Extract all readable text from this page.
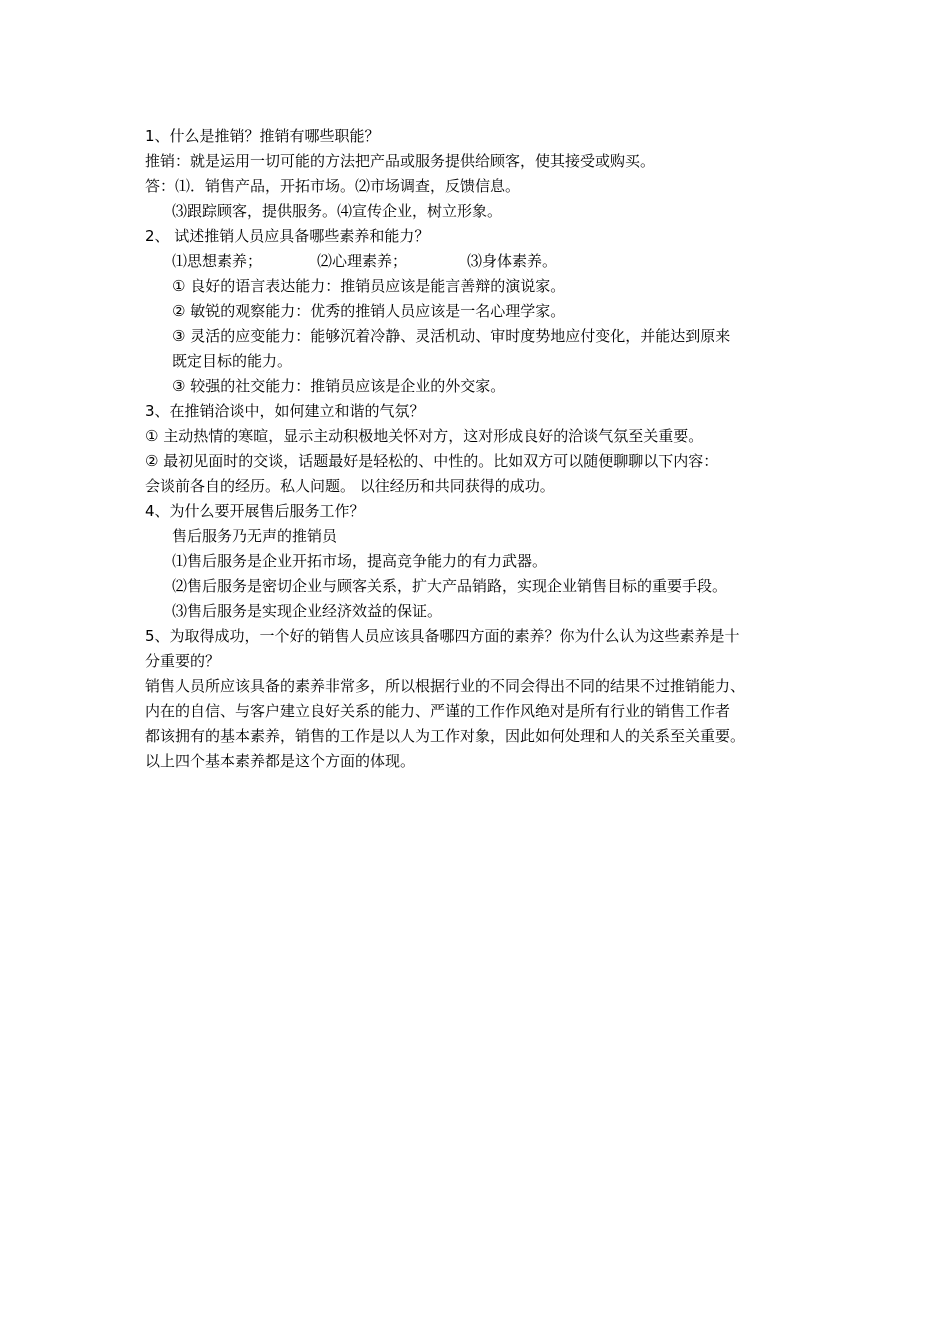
1、什么是推销？推销有哪些职能？
推销：就是运用一切可能的方法把产品或服务提供给顾客，使其接受或购买。
答：⑴．销售产品，开拓市场。⑵市场调查，反馈信息。
⑶跟踪顾客，提供服务。⑷宣传企业，树立形象。
2、 试述推销人员应具备哪些素养和能力？
⑴思想素养；	⑵心理素养；	⑶身体素养。
① 良好的语言表达能力：推销员应该是能言善辩的演说家。
② 敏锐的观察能力：优秀的推销人员应该是一名心理学家。
③ 灵活的应变能力：能够沉着冷静、灵活机动、审时度势地应付变化，并能达到原来
既定目标的能力。
③ 较强的社交能力：推销员应该是企业的外交家。
3、在推销洽谈中，如何建立和谐的气氛？
① 主动热情的寒暄，显示主动积极地关怀对方，这对形成良好的洽谈气氛至关重要。
② 最初见面时的交谈，话题最好是轻松的、中性的。比如双方可以随便聊聊以下内容：
会谈前各自的经历。私人问题。 以往经历和共同获得的成功。
4、为什么要开展售后服务工作？
售后服务乃无声的推销员
⑴售后服务是企业开拓市场，提高竞争能力的有力武器。
⑵售后服务是密切企业与顾客关系，扩大产品销路，实现企业销售目标的重要手段。
⑶售后服务是实现企业经济效益的保证。
5、为取得成功，一个好的销售人员应该具备哪四方面的素养？你为什么认为这些素养是十
分重要的？
销售人员所应该具备的素养非常多，所以根据行业的不同会得出不同的结果不过推销能力、
内在的自信、与客户建立良好关系的能力、严谨的工作作风绝对是所有行业的销售工作者
都该拥有的基本素养，销售的工作是以人为工作对象，因此如何处理和人的关系至关重要。
以上四个基本素养都是这个方面的体现。
